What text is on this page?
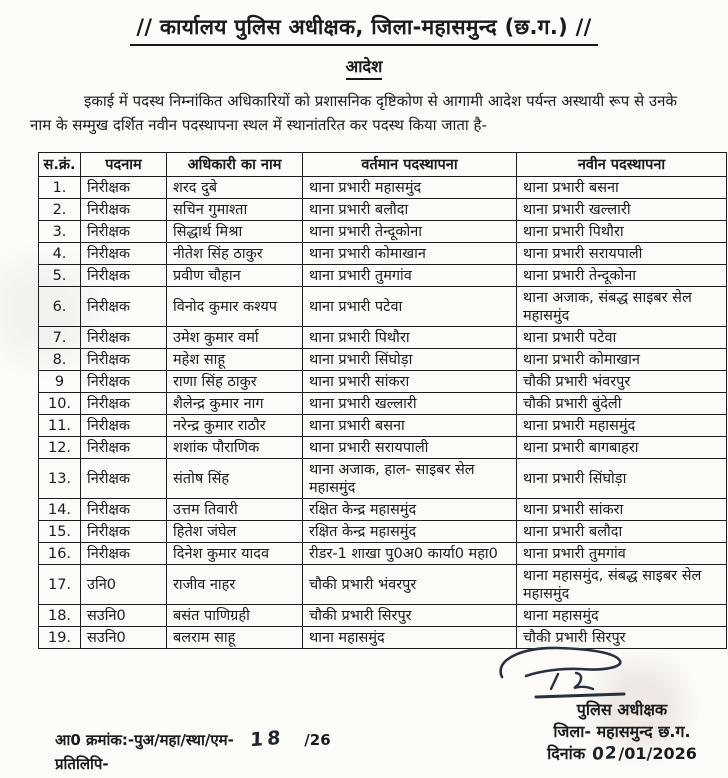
// कार्यालय पुलिस अधीक्षक, जिला-महासमुन्द (छ.ग.) //
आदेश

इकाई में पदस्थ निम्नांकित अधिकारियों को प्रशासनिक दृष्टिकोण से आगामी आदेश पर्यन्त अस्थायी रूप से उनके नाम के सम्मुख दर्शित नवीन पदस्थापना स्थल में स्थानांतरित कर पदस्थ किया जाता है-

स.क्रं.	पदनाम	अधिकारी का नाम	वर्तमान पदस्थापना	नवीन पदस्थापना
1.	निरीक्षक	शरद दुबे	थाना प्रभारी महासमुंद	थाना प्रभारी बसना
2.	निरीक्षक	सचिन गुमाश्ता	थाना प्रभारी बलौदा	थाना प्रभारी खल्लारी
3.	निरीक्षक	सिद्धार्थ मिश्रा	थाना प्रभारी तेन्दूकोना	थाना प्रभारी पिथौरा
4.	निरीक्षक	नीतेश सिंह ठाकुर	थाना प्रभारी कोमाखान	थाना प्रभारी सरायपाली
5.	निरीक्षक	प्रवीण चौहान	थाना प्रभारी तुमगांव	थाना प्रभारी तेन्दूकोना
6.	निरीक्षक	विनोद कुमार कश्यप	थाना प्रभारी पटेवा	थाना अजाक, संबद्ध साइबर सेल महासमुंद
7.	निरीक्षक	उमेश कुमार वर्मा	थाना प्रभारी पिथौरा	थाना प्रभारी पटेवा
8.	निरीक्षक	महेश साहू	थाना प्रभारी सिंघोड़ा	थाना प्रभारी कोमाखान
9	निरीक्षक	राणा सिंह ठाकुर	थाना प्रभारी सांकरा	चौकी प्रभारी भंवरपुर
10.	निरीक्षक	शैलेन्द्र कुमार नाग	थाना प्रभारी खल्लारी	चौकी प्रभारी बुंदेली
11.	निरीक्षक	नरेन्द्र कुमार राठौर	थाना प्रभारी बसना	थाना प्रभारी महासमुंद
12.	निरीक्षक	शशांक पौराणिक	थाना प्रभारी सरायपाली	थाना प्रभारी बागबाहरा
13.	निरीक्षक	संतोष सिंह	थाना अजाक, हाल- साइबर सेल महासमुंद	थाना प्रभारी सिंघोड़ा
14.	निरीक्षक	उत्तम तिवारी	रक्षित केन्द्र महासमुंद	थाना प्रभारी सांकरा
15.	निरीक्षक	हितेश जंघेल	रक्षित केन्द्र महासमुंद	थाना प्रभारी बलौदा
16.	निरीक्षक	दिनेश कुमार यादव	रीडर-1 शाखा पु0अ0 कार्या0 महा0	थाना प्रभारी तुमगांव
17.	उनि0	राजीव नाहर	चौकी प्रभारी भंवरपुर	थाना महासमुंद, संबद्ध साइबर सेल महासमुंद
18.	सउनि0	बसंत पाणिग्रही	चौकी प्रभारी सिरपुर	थाना महासमुंद
19.	सउनि0	बलराम साहू	थाना महासमुंद	चौकी प्रभारी सिरपुर
पुलिस अधीक्षक
जिला- महासमुन्द छ.ग.
दिनांक 02/01/2026
आ0 क्रमांक:-पुअ/महा/स्था/एम- 18 /26
प्रतिलिपि-
